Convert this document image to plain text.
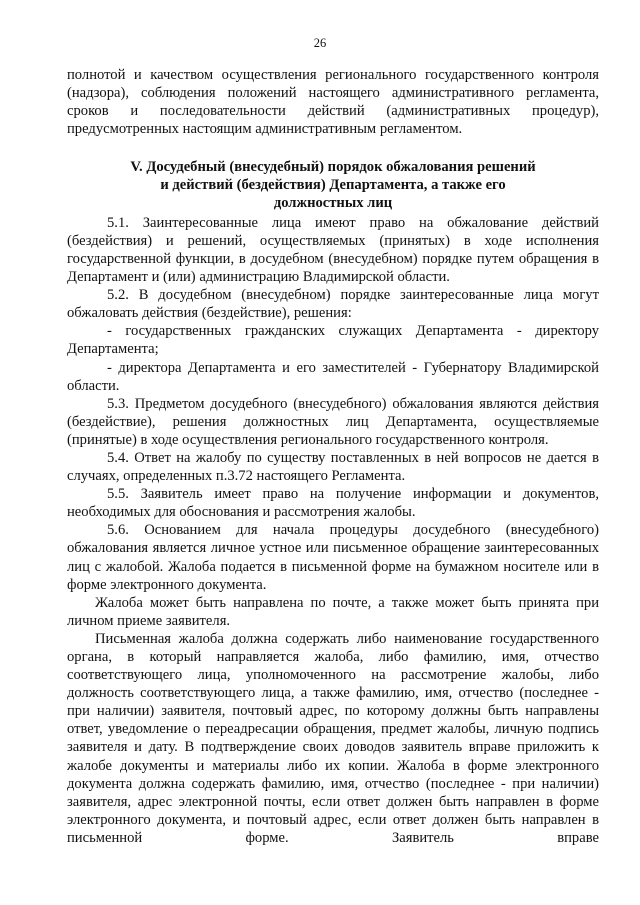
26

полнотой и качеством осуществления регионального государственного контроля

(надзора), соблюдения положений настоящего административного регламента,

сроков и последовательности действий (административных процедур),

предусмотренных настоящим административным регламентом.

V. Досудебный (внесудебный) порядок обжалования решений
и действий (бездействия) Департамента, а также его
должностных лиц

5.1. Заинтересованные лица имеют право на обжалование действий (бездействия) и решений, осуществляемых (принятых) в ходе исполнения государственной функции, в досудебном (внесудебном) порядке путем обращения в Департамент и (или) администрацию Владимирской области.

5.2. В досудебном (внесудебном) порядке заинтересованные лица могут обжаловать действия (бездействие), решения:

- государственных гражданских служащих Департамента - директору Департамента;

- директора Департамента и его заместителей - Губернатору Владимирской области.

5.3. Предметом досудебного (внесудебного) обжалования являются действия (бездействие), решения должностных лиц Департамента, осуществляемые (принятые) в ходе осуществления регионального государственного контроля.

5.4. Ответ на жалобу по существу поставленных в ней вопросов не дается в случаях, определенных п.3.72 настоящего Регламента.

5.5. Заявитель имеет право на получение информации и документов, необходимых для обоснования и рассмотрения жалобы.

5.6. Основанием для начала процедуры досудебного (внесудебного) обжалования является личное устное или письменное обращение заинтересованных лиц с жалобой. Жалоба подается в письменной форме на бумажном носителе или в форме электронного документа.

Жалоба может быть направлена по почте, а также может быть принята при личном приеме заявителя.

Письменная жалоба должна содержать либо наименование государственного органа, в который направляется жалоба, либо фамилию, имя, отчество соответствующего лица, уполномоченного на рассмотрение жалобы, либо должность соответствующего лица, а также фамилию, имя, отчество (последнее - при наличии) заявителя, почтовый адрес, по которому должны быть направлены ответ, уведомление о переадресации обращения, предмет жалобы, личную подпись заявителя и дату. В подтверждение своих доводов заявитель вправе приложить к жалобе документы и материалы либо их копии. Жалоба в форме электронного документа должна содержать фамилию, имя, отчество (последнее - при наличии) заявителя, адрес электронной почты, если ответ должен быть направлен в форме электронного документа, и почтовый адрес, если ответ должен быть направлен в письменной форме. Заявитель вправе
